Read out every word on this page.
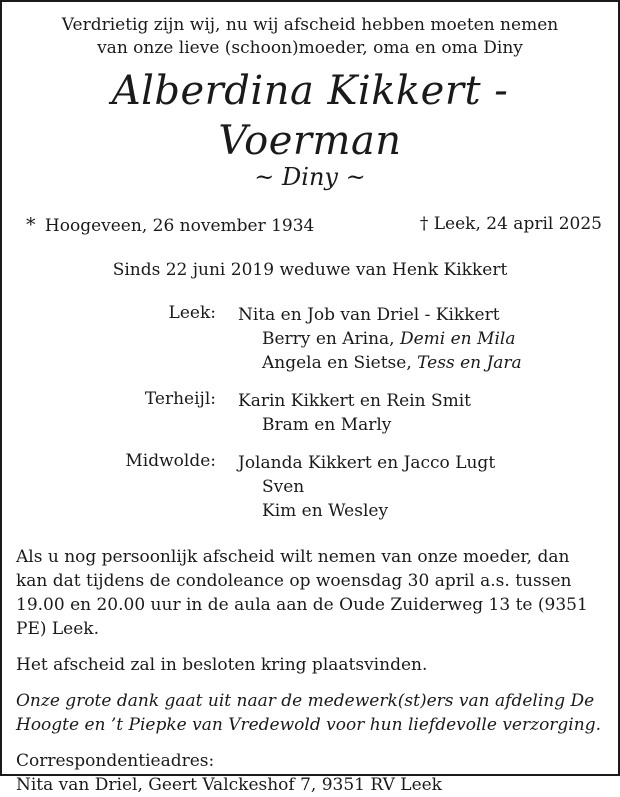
Verdrietig zijn wij, nu wij afscheid hebben moeten nemen
van onze lieve (schoon)moeder, oma en oma Diny
Alberdina Kikkert - Voerman
~ Diny ~
* Hoogeveen, 26 november 1934	† Leek, 24 april 2025
Sinds 22 juni 2019 weduwe van Henk Kikkert
Leek:	Nita en Job van Driel - Kikkert
Berry en Arina, Demi en Mila
Angela en Sietse, Tess en Jara
Terheijl:	Karin Kikkert en Rein Smit
Bram en Marly
Midwolde:	Jolanda Kikkert en Jacco Lugt
Sven
Kim en Wesley

Als u nog persoonlijk afscheid wilt nemen van onze moeder, dan kan dat tijdens de condoleance op woensdag 30 april a.s. tussen 19.00 en 20.00 uur in de aula aan de Oude Zuiderweg 13 te (9351 PE) Leek.

Het afscheid zal in besloten kring plaatsvinden.

Onze grote dank gaat uit naar de medewerk(st)ers van afdeling De Hoogte en ’t Piepke van Vredewold voor hun liefdevolle verzorging.

Correspondentieadres:
Nita van Driel, Geert Valckeshof 7, 9351 RV Leek
